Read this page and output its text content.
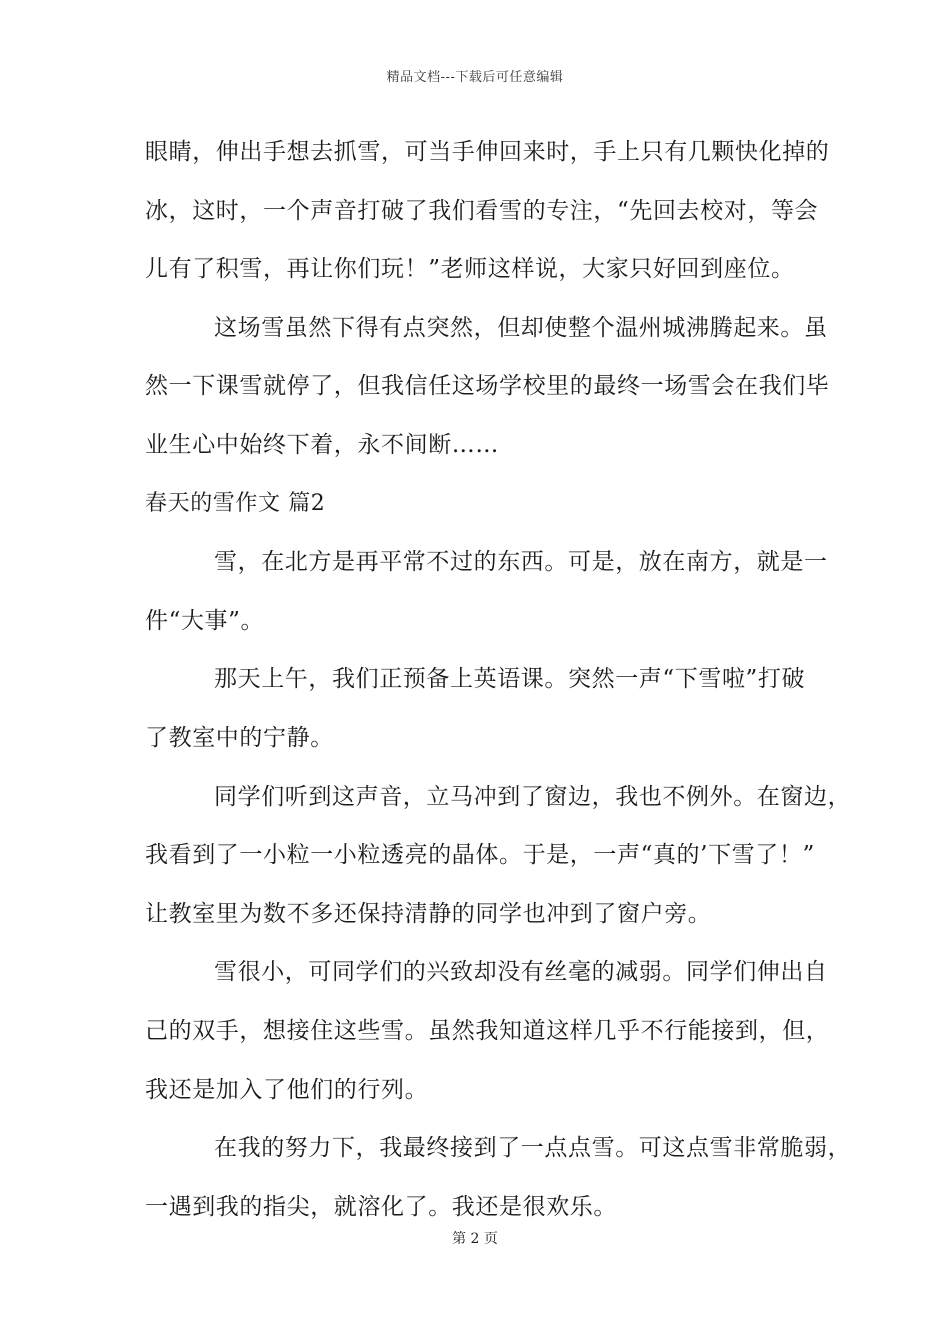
精品文档---下载后可任意编辑
眼睛，伸出手想去抓雪，可当手伸回来时，手上只有几颗快化掉的
冰，这时，一个声音打破了我们看雪的专注，“先回去校对，等会
儿有了积雪，再让你们玩！”老师这样说，大家只好回到座位。
这场雪虽然下得有点突然，但却使整个温州城沸腾起来。虽
然一下课雪就停了，但我信任这场学校里的最终一场雪会在我们毕
业生心中始终下着，永不间断……
春天的雪作文 篇2
雪，在北方是再平常不过的东西。可是，放在南方，就是一
件“大事”。
那天上午，我们正预备上英语课。突然一声“下雪啦”打破
了教室中的宁静。
同学们听到这声音，立马冲到了窗边，我也不例外。在窗边，
我看到了一小粒一小粒透亮的晶体。于是，一声“真的’下雪了！”
让教室里为数不多还保持清静的同学也冲到了窗户旁。
雪很小，可同学们的兴致却没有丝毫的减弱。同学们伸出自
己的双手，想接住这些雪。虽然我知道这样几乎不行能接到，但，
我还是加入了他们的行列。
在我的努力下，我最终接到了一点点雪。可这点雪非常脆弱，
一遇到我的指尖，就溶化了。我还是很欢乐。
第 2 页
